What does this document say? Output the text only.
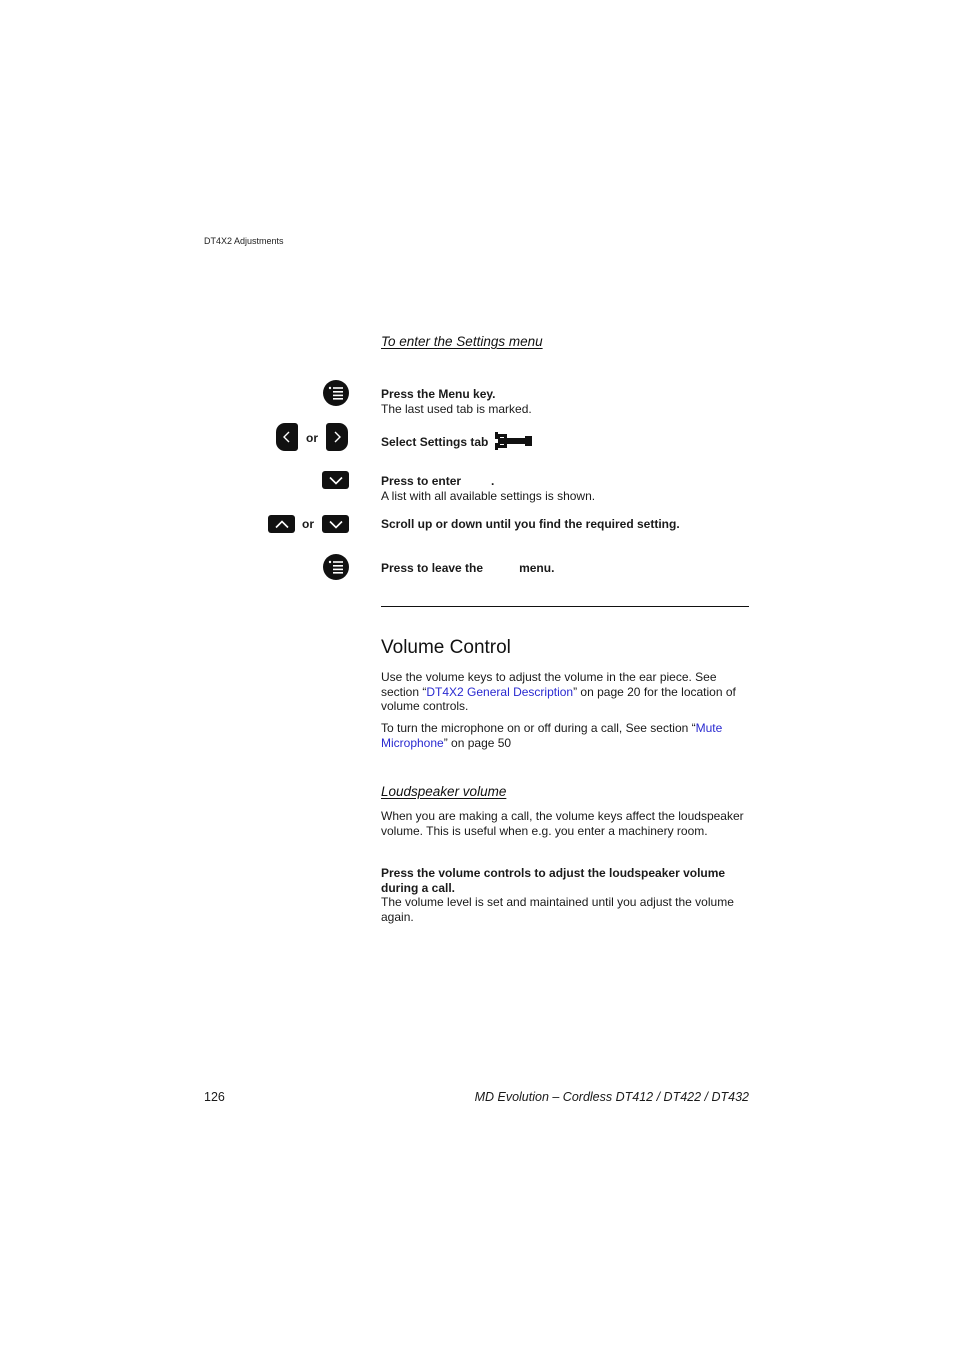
DT4X2 Adjustments
To enter the Settings menu
Press the Menu key.
The last used tab is marked.
or	Select Settings tab
Press to enter	.
A list with all available settings is shown.
or	Scroll up or down until you find the required setting.
Press to leave the	menu.
Volume Control

Use the volume keys to adjust the volume in the ear piece. See section “DT4X2 General Description” on page 20 for the location of volume controls.

To turn the microphone on or off during a call, See section “Mute Microphone” on page 50

Loudspeaker volume
When you are making a call, the volume keys affect the loudspeaker volume. This is useful when e.g. you enter a machinery room.
Press the volume controls to adjust the loudspeaker volume during a call.
The volume level is set and maintained until you adjust the volume again.
126	MD Evolution – Cordless DT412 / DT422 / DT432
